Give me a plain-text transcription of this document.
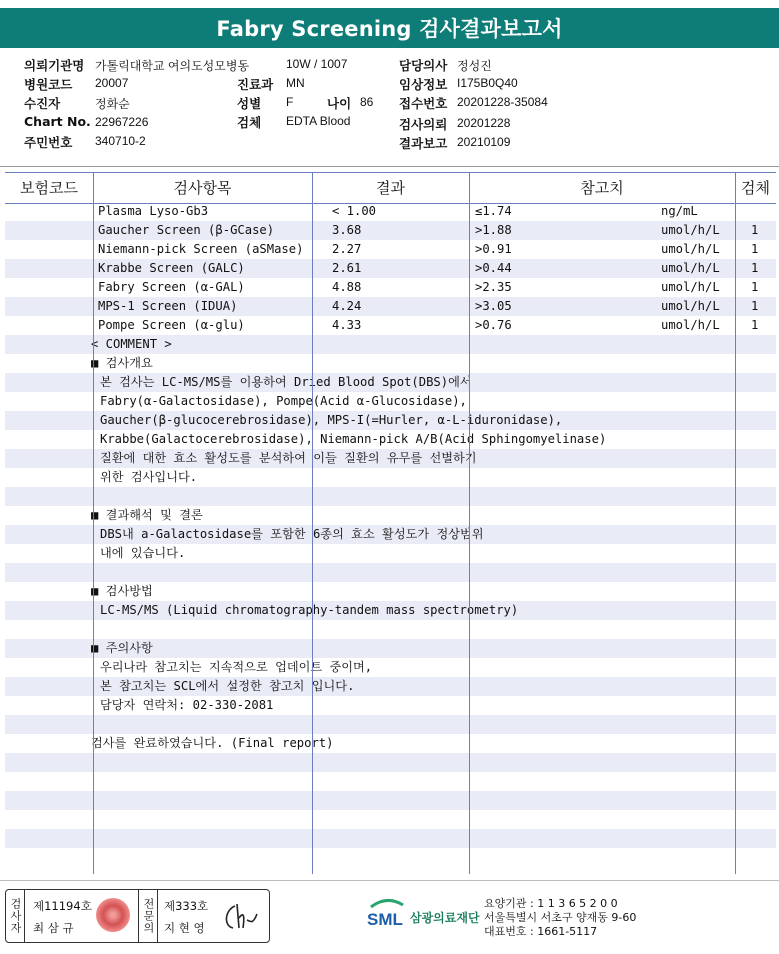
Fabry Screening 검사결과보고서
의뢰기관명 가톨릭대학교 여의도성모병동	10W / 1007	담당의사 정성진
병원코드 20007	진료과 MN	임상정보 I175B0Q40
수진자	정화순	성별 F	나이 86 접수번호 20201228-35084
Chart No. 22967226	검체 EDTA Blood	검사의뢰 20201228
주민번호 340710-2	결과보고 20210109
보험코드	검사항목	결과	참고치	검체
Plasma Lyso-Gb3	< 1.00	≤1.74	ng/mL
Gaucher Screen (β-GCase)	3.68	>1.88	umol/h/L	1
Niemann-pick Screen (aSMase) 2.27	>0.91	umol/h/L	1
Krabbe Screen (GALC)	2.61	>0.44	umol/h/L	1
Fabry Screen (α-GAL)	4.88	>2.35	umol/h/L	1
MPS-1 Screen (IDUA)	4.24	>3.05	umol/h/L	1
Pompe Screen (α-glu)	4.33	>0.76	umol/h/L	1
< COMMENT >
■ 검사개요
본 검사는 LC-MS/MS를 이용하여 Dried Blood Spot(DBS)에서
Fabry(α-Galactosidase), Pompe(Acid α-Glucosidase),
Gaucher(β-glucocerebrosidase), MPS-I(=Hurler, α-L-iduronidase),
Krabbe(Galactocerebrosidase), Niemann-pick A/B(Acid Sphingomyelinase)
질환에 대한 효소 활성도를 분석하여 이들 질환의 유무를 선별하기
위한 검사입니다.
■ 결과해석 및 결론
DBS내 a-Galactosidase를 포함한 6종의 효소 활성도가 정상범위
내에 있습니다.
■ 검사방법
LC-MS/MS (Liquid chromatography-tandem mass spectrometry)
■ 주의사항
우리나라 참고치는 지속적으로 업데이트 중이며,
본 참고치는 SCL에서 설정한 참고치 입니다.
담당자 연락처: 02-330-2081
검사를 완료하였습니다. (Final report)
검사자 제11194호
최 삼 규	전문의 제333호
지 현 영	SML 삼광의료재단
요양기관 : 1 1 3 6 5 2 0 0
서울특별시 서초구 양재동 9-60
대표번호 : 1661-5117
